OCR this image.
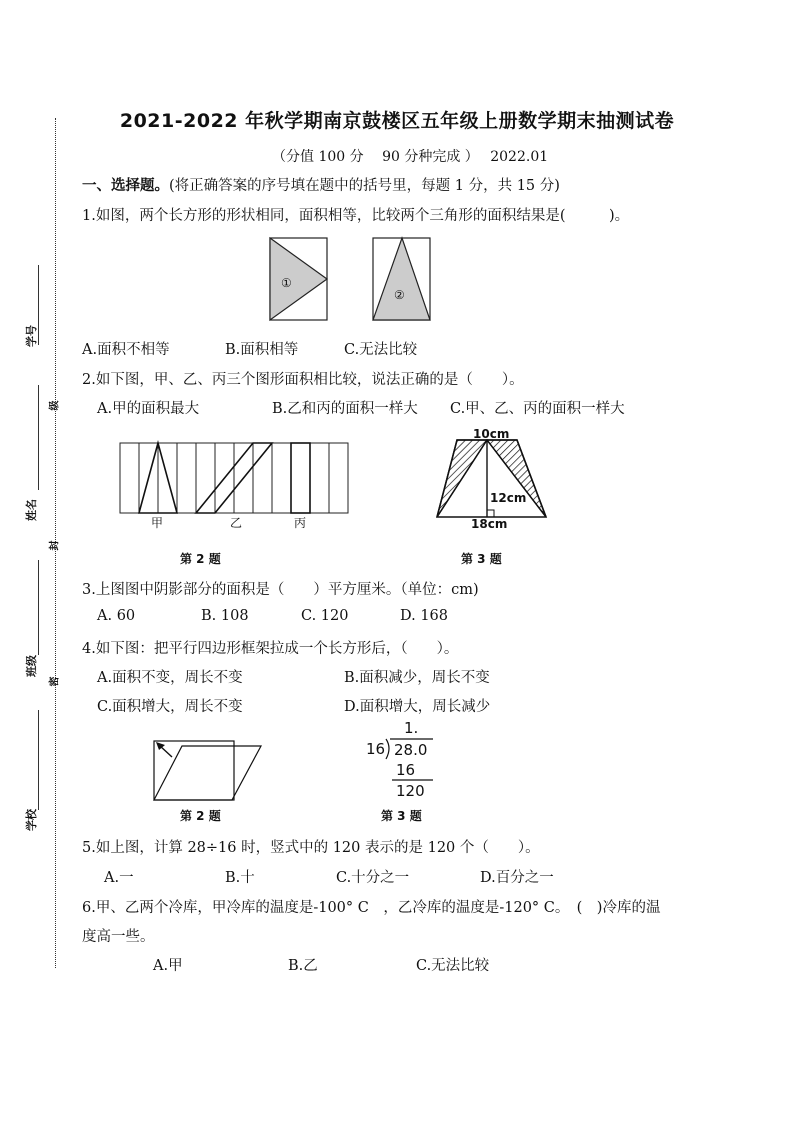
学号
级
姓名
封
班级
密
学校
2021-2022 年秋学期南京鼓楼区五年级上册数学期末抽测试卷
（分值 100 分　 90 分种完成 ）　 2022.01
一、选择题。(将正确答案的序号填在题中的括号里，每题 1 分，共 15 分)
1.如图，两个长方形的形状相同，面积相等，比较两个三角形的面积结果是(　　　)。
①
②
A.面积不相等	B.面积相等	C.无法比较
2.如下图，甲、乙、丙三个图形面积相比较，说法正确的是（　　）。
A.甲的面积最大	B.乙和丙的面积一样大 C.甲、乙、丙的面积一样大
甲	乙	丙
第 2 题
10cm
12cm
18cm
第 3 题
3.上图图中阴影部分的面积是（　　）平方厘米。（单位：cm)
A. 60	B. 108	C. 120	D. 168
4.如下图：把平行四边形框架拉成一个长方形后，（　　）。
A.面积不变，周长不变	B.面积减少，周长不变
C.面积增大，周长不变	D.面积增大，周长减少
第 2 题
1.
16 28.0
16
120
第 3 题
5.如上图，计算 28÷16 时，竖式中的 120 表示的是 120 个（　　）。
A.一	B.十	C.十分之一	D.百分之一
6.甲、乙两个冷库，甲冷库的温度是-100° C　，乙冷库的温度是-120° C。　(　)冷库的温
度高一些。
A.甲	B.乙	C.无法比较
